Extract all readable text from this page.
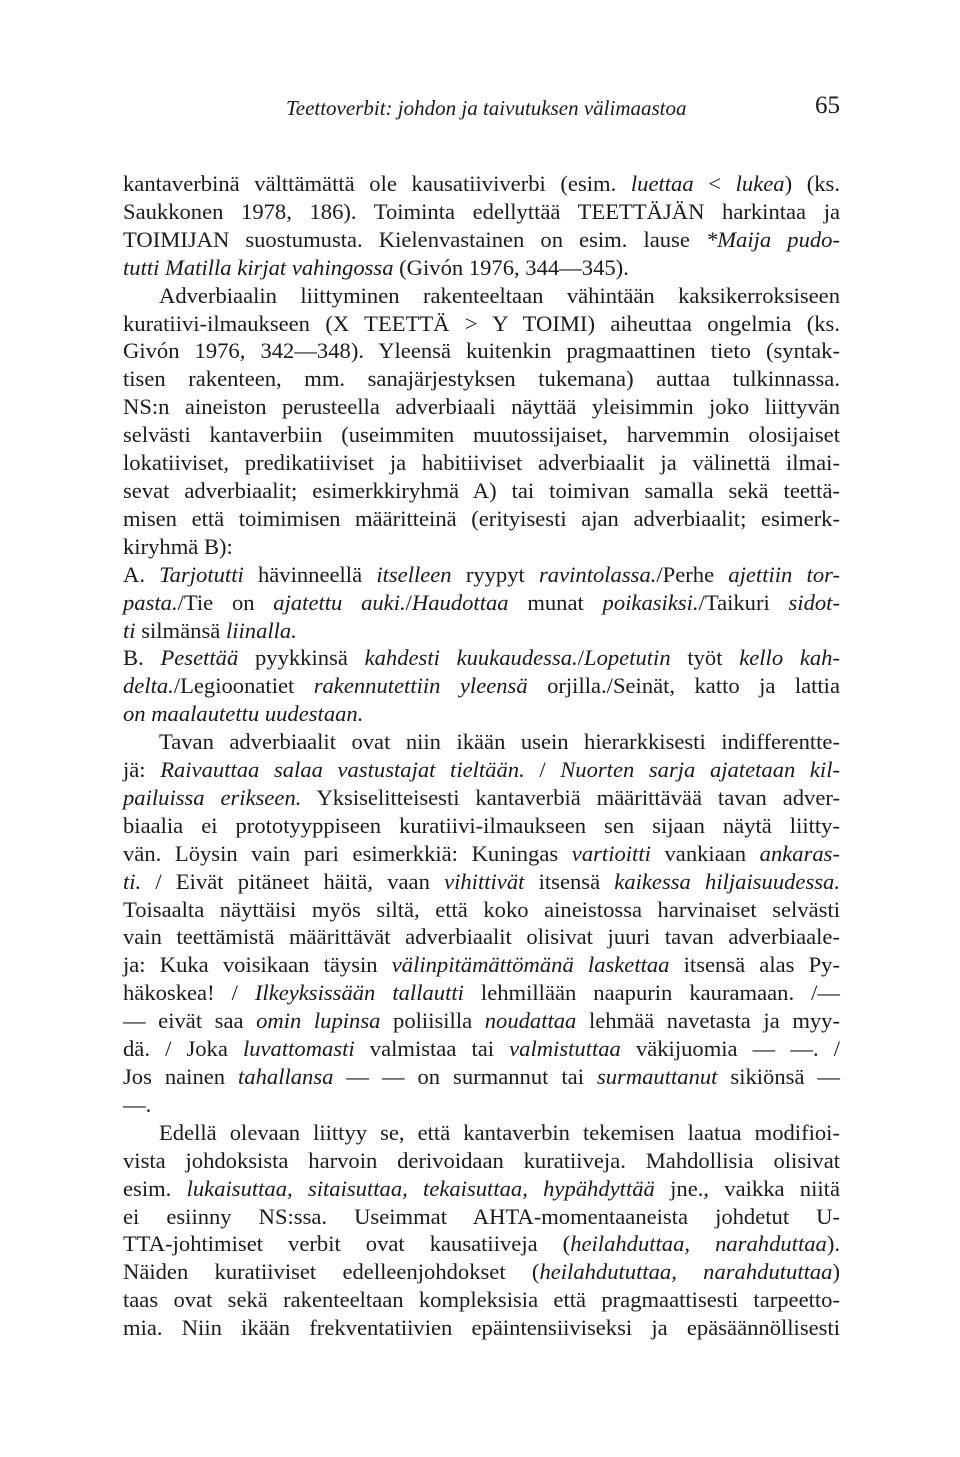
Teettoverbit: johdon ja taivutuksen välimaastoa	65
kantaverbinä välttämättä ole kausatiiviverbi (esim. luettaa < lukea) (ks.
Saukkonen 1978, 186). Toiminta edellyttää TEETTÄJÄN harkintaa ja
TOIMIJAN suostumusta. Kielenvastainen on esim. lause *Maija pudo-
tutti Matilla kirjat vahingossa (Givón 1976, 344—345).
Adverbiaalin liittyminen rakenteeltaan vähintään kaksikerroksiseen
kuratiivi-ilmaukseen (X TEETTÄ > Y TOIMI) aiheuttaa ongelmia (ks.
Givón 1976, 342—348). Yleensä kuitenkin pragmaattinen tieto (syntak-
tisen rakenteen, mm. sanajärjestyksen tukemana) auttaa tulkinnassa.
NS:n aineiston perusteella adverbiaali näyttää yleisimmin joko liittyvän
selvästi kantaverbiin (useimmiten muutossijaiset, harvemmin olosijaiset
lokatiiviset, predikatiiviset ja habitiiviset adverbiaalit ja välinettä ilmai-
sevat adverbiaalit; esimerkkiryhmä A) tai toimivan samalla sekä teettä-
misen että toimimisen määritteinä (erityisesti ajan adverbiaalit; esimerk-
kiryhmä B):
A. Tarjotutti hävinneellä itselleen ryypyt ravintolassa./Perhe ajettiin tor-
pasta./Tie on ajatettu auki./Haudottaa munat poikasiksi./Taikuri sidot-
ti silmänsä liinalla.
B. Pesettää pyykkinsä kahdesti kuukaudessa./Lopetutin työt kello kah-
delta./Legioonatiet rakennutettiin yleensä orjilla./Seinät, katto ja lattia
on maalautettu uudestaan.
Tavan adverbiaalit ovat niin ikään usein hierarkkisesti indifferentte-
jä: Raivauttaa salaa vastustajat tieltään. / Nuorten sarja ajatetaan kil-
pailuissa erikseen. Yksiselitteisesti kantaverbiä määrittävää tavan adver-
biaalia ei prototyyppiseen kuratiivi-ilmaukseen sen sijaan näytä liitty-
vän. Löysin vain pari esimerkkiä: Kuningas vartioitti vankiaan ankaras-
ti. / Eivät pitäneet häitä, vaan vihittivät itsensä kaikessa hiljaisuudessa.
Toisaalta näyttäisi myös siltä, että koko aineistossa harvinaiset selvästi
vain teettämistä määrittävät adverbiaalit olisivat juuri tavan adverbiaale-
ja: Kuka voisikaan täysin välinpitämättömänä laskettaa itsensä alas Py-
häkoskea! / Ilkeyksissään tallautti lehmillään naapurin kauramaan. /—
— eivät saa omin lupinsa poliisilla noudattaa lehmää navetasta ja myy-
dä. / Joka luvattomasti valmistaa tai valmistuttaa väkijuomia — —. /
Jos nainen tahallansa — — on surmannut tai surmauttanut sikiönsä —
—.
Edellä olevaan liittyy se, että kantaverbin tekemisen laatua modifioi-
vista johdoksista harvoin derivoidaan kuratiiveja. Mahdollisia olisivat
esim. lukaisuttaa, sitaisuttaa, tekaisuttaa, hypähdyttää jne., vaikka niitä
ei esiinny NS:ssa. Useimmat AHTA-momentaaneista johdetut U-
TTA-johtimiset verbit ovat kausatiiveja (heilahduttaa, narahduttaa).
Näiden kuratiiviset edelleenjohdokset (heilahdututtaa, narahdututtaa)
taas ovat sekä rakenteeltaan kompleksisia että pragmaattisesti tarpeetto-
mia. Niin ikään frekventatiivien epäintensiiviseksi ja epäsäännöllisesti
